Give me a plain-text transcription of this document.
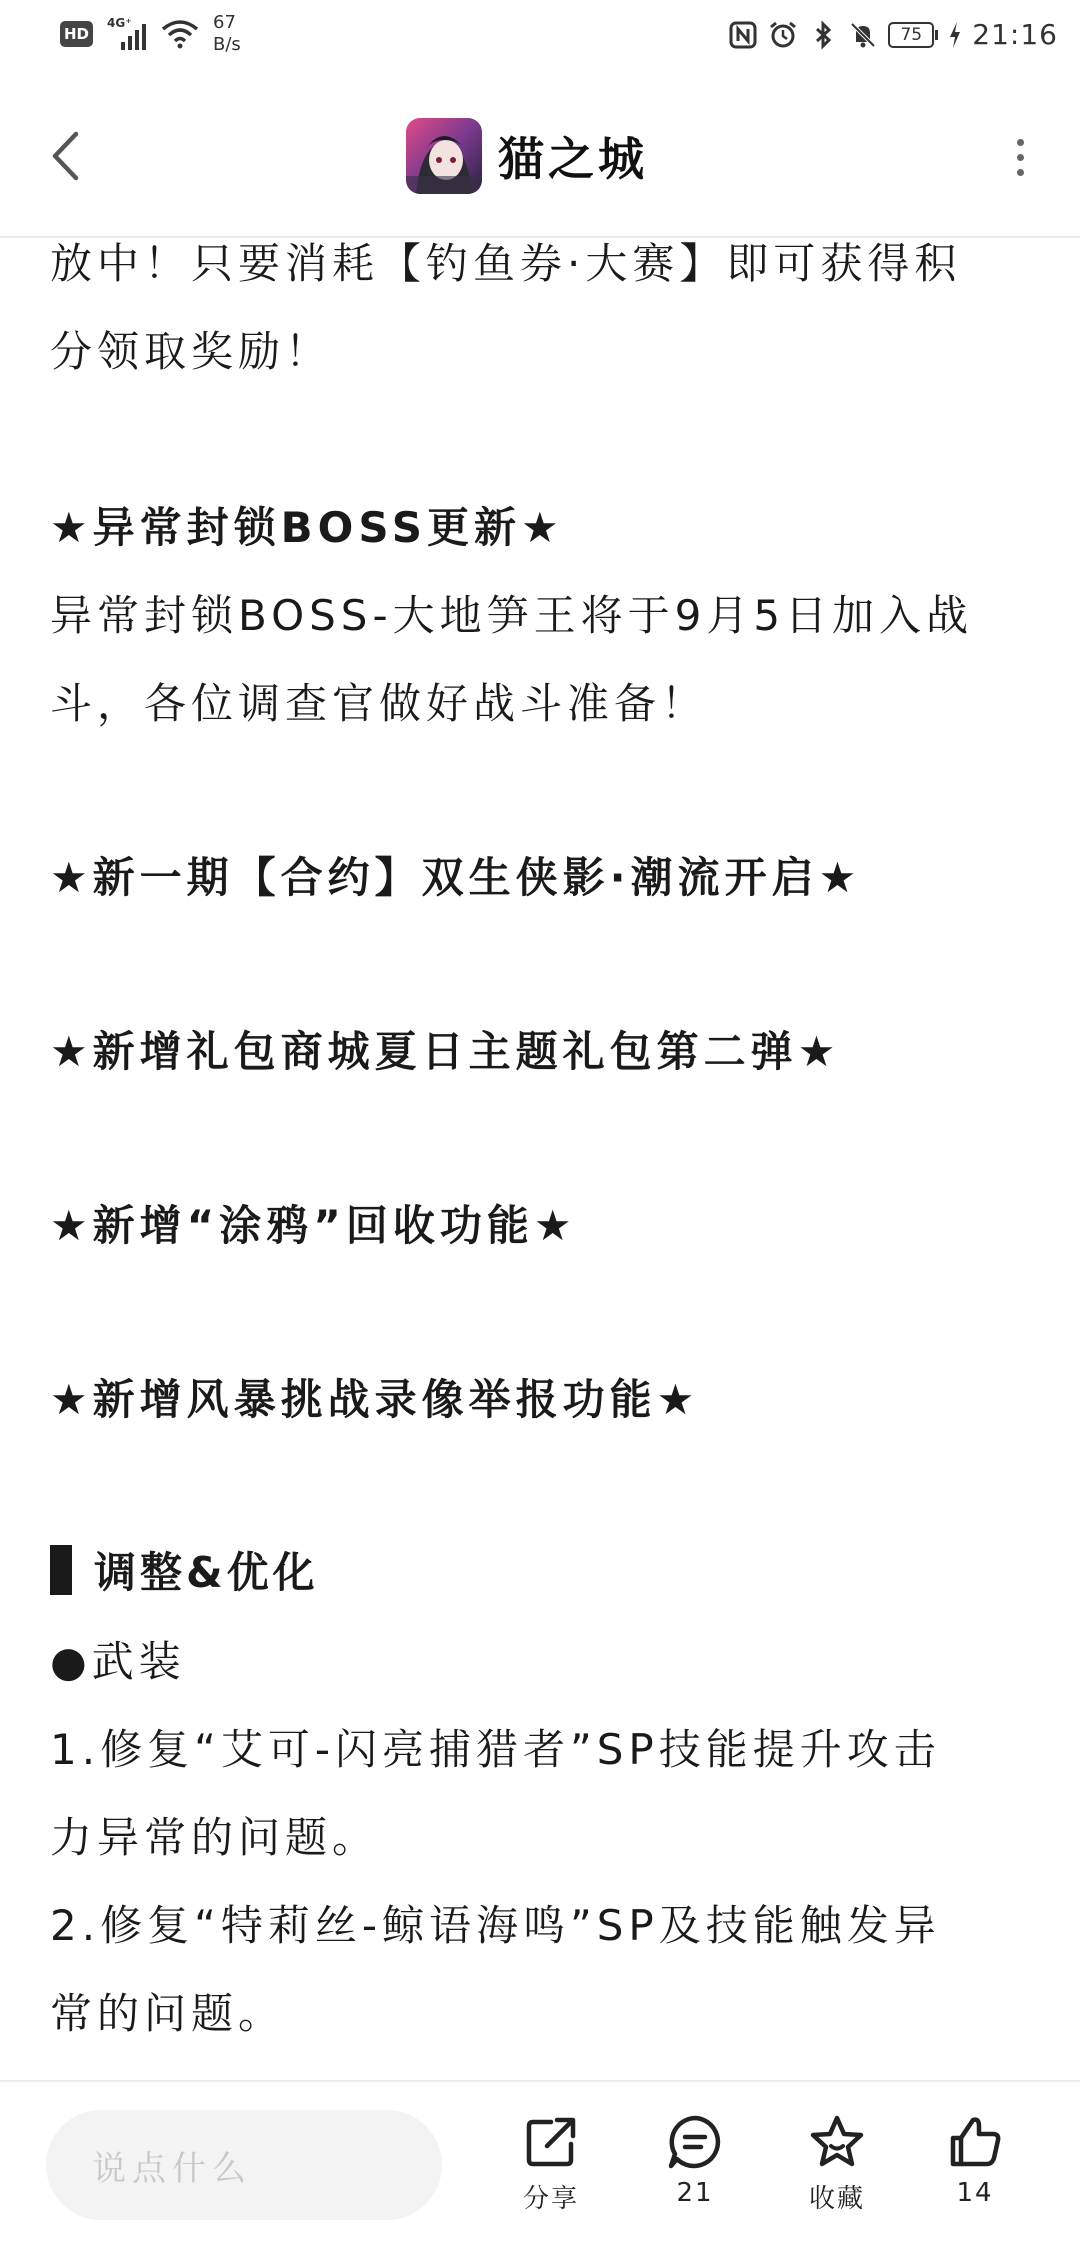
HD
4G⁺	67
B/s	75	21:16
猫之城
放中！只要消耗【钓鱼券·大赛】即可获得积
分领取奖励！
★异常封锁BOSS更新★
异常封锁BOSS-大地笋王将于9月5日加入战
斗，各位调查官做好战斗准备！
★新一期【合约】双生侠影·潮流开启★
★新增礼包商城夏日主题礼包第二弹★
★新增“涂鸦”回收功能★
★新增风暴挑战录像举报功能★
调整&优化
●武装
1.修复“艾可-闪亮捕猎者”SP技能提升攻击
力异常的问题。
2.修复“特莉丝-鲸语海鸣”SP及技能触发异
常的问题。
说点什么
分享	21	收藏	14
